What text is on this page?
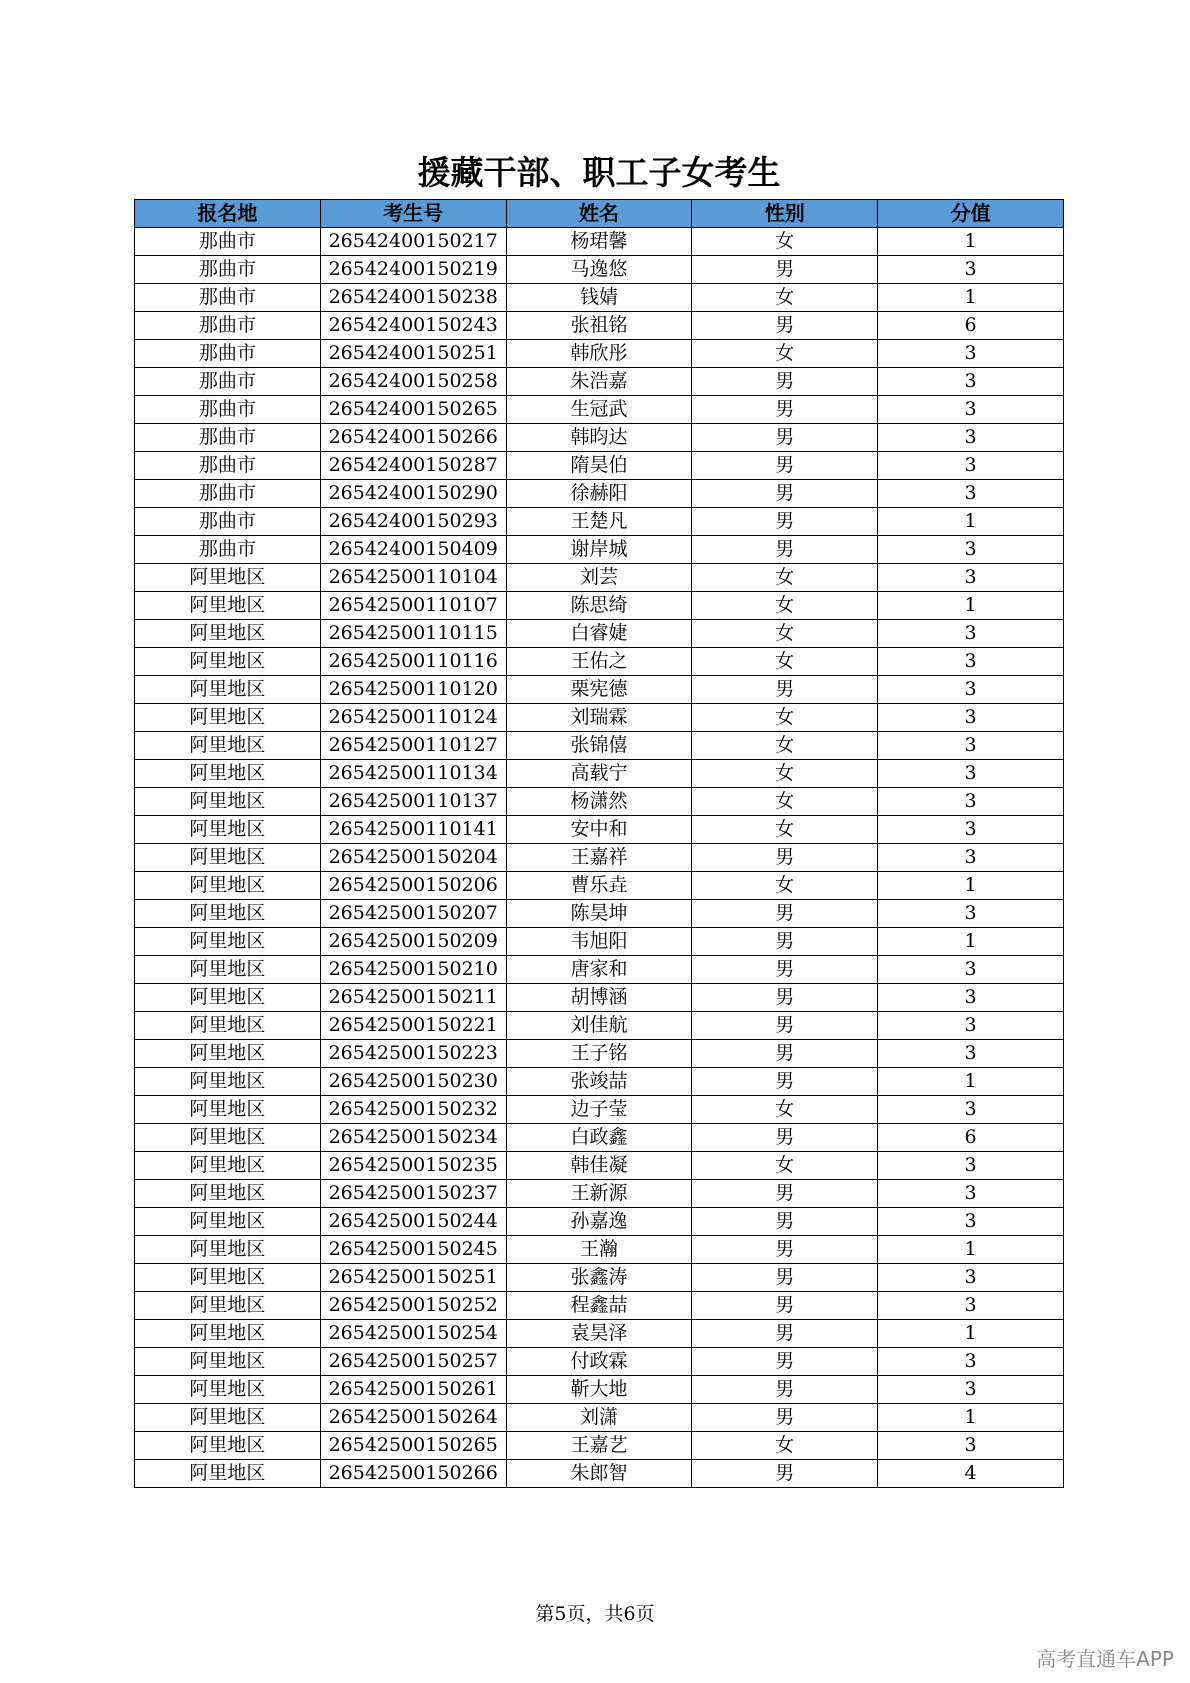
援藏干部、职工子女考生
报名地	考生号	姓名	性别	分值
那曲市	26542400150217	杨珺馨	女	1
那曲市	26542400150219	马逸悠	男	3
那曲市	26542400150238	钱婧	女	1
那曲市	26542400150243	张祖铭	男	6
那曲市	26542400150251	韩欣彤	女	3
那曲市	26542400150258	朱浩嘉	男	3
那曲市	26542400150265	生冠武	男	3
那曲市	26542400150266	韩昀达	男	3
那曲市	26542400150287	隋昊伯	男	3
那曲市	26542400150290	徐赫阳	男	3
那曲市	26542400150293	王楚凡	男	1
那曲市	26542400150409	谢岸城	男	3
阿里地区	26542500110104	刘芸	女	3
阿里地区	26542500110107	陈思绮	女	1
阿里地区	26542500110115	白睿婕	女	3
阿里地区	26542500110116	王佑之	女	3
阿里地区	26542500110120	栗宪德	男	3
阿里地区	26542500110124	刘瑞霖	女	3
阿里地区	26542500110127	张锦僖	女	3
阿里地区	26542500110134	高载宁	女	3
阿里地区	26542500110137	杨潇然	女	3
阿里地区	26542500110141	安中和	女	3
阿里地区	26542500150204	王嘉祥	男	3
阿里地区	26542500150206	曹乐垚	女	1
阿里地区	26542500150207	陈昊坤	男	3
阿里地区	26542500150209	韦旭阳	男	1
阿里地区	26542500150210	唐家和	男	3
阿里地区	26542500150211	胡博涵	男	3
阿里地区	26542500150221	刘佳航	男	3
阿里地区	26542500150223	王子铭	男	3
阿里地区	26542500150230	张竣喆	男	1
阿里地区	26542500150232	边子莹	女	3
阿里地区	26542500150234	白政鑫	男	6
阿里地区	26542500150235	韩佳凝	女	3
阿里地区	26542500150237	王新源	男	3
阿里地区	26542500150244	孙嘉逸	男	3
阿里地区	26542500150245	王瀚	男	1
阿里地区	26542500150251	张鑫涛	男	3
阿里地区	26542500150252	程鑫喆	男	3
阿里地区	26542500150254	袁昊泽	男	1
阿里地区	26542500150257	付政霖	男	3
阿里地区	26542500150261	靳大地	男	3
阿里地区	26542500150264	刘潇	男	1
阿里地区	26542500150265	王嘉艺	女	3
阿里地区	26542500150266	朱郎智	男	4

第5页，共6页

高考直通车APP
